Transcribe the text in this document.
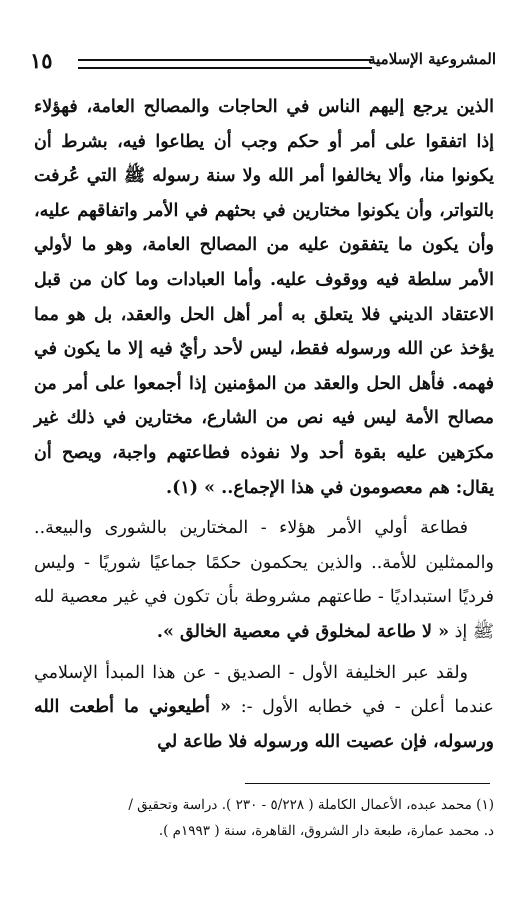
المشروعية الإسلامية
١٥

الذين يرجع إليهم الناس في الحاجات والمصالح العامة، فهؤلاء إذا اتفقوا على أمر أو حكم وجب أن يطاعوا فيه، بشرط أن يكونوا منا، وألا يخالفوا أمر الله ولا سنة رسوله ﷺ التي عُرفت بالتواتر، وأن يكونوا مختارين في بحثهم في الأمر واتفاقهم عليه، وأن يكون ما يتفقون عليه من المصالح العامة، وهو ما لأولي الأمر سلطة فيه ووقوف عليه. وأما العبادات وما كان من قبل الاعتقاد الديني فلا يتعلق به أمر أهل الحل والعقد، بل هو مما يؤخذ عن الله ورسوله فقط، ليس لأحد رأيٌ فيه إلا ما يكون في فهمه. فأهل الحل والعقد من المؤمنين إذا أجمعوا على أمر من مصالح الأمة ليس فيه نص من الشارع، مختارين في ذلك غير مكرَهين عليه بقوة أحد ولا نفوذه فطاعتهم واجبة، ويصح أن يقال: هم معصومون في هذا الإجماع.. » (١).

فطاعة أولي الأمر هؤلاء - المختارين بالشورى والبيعة.. والممثلين للأمة.. والذين يحكمون حكمًا جماعيًا شوريًا - وليس فرديًا استبداديًا - طاعتهم مشروطة بأن تكون في غير معصية لله ﷺ إذ « لا طاعة لمخلوق في معصية الخالق ».

ولقد عبر الخليفة الأول - الصديق - عن هذا المبدأ الإسلامي عندما أعلن - في خطابه الأول -: « أطيعوني ما أطعت الله ورسوله، فإن عصيت الله ورسوله فلا طاعة لي

(١) محمد عبده، الأعمال الكاملة ( ٥/٢٢٨ - ٢٣٠ ). دراسة وتحقيق /

د. محمد عمارة، طبعة دار الشروق، القاهرة، سنة ( ١٩٩٣م ).
